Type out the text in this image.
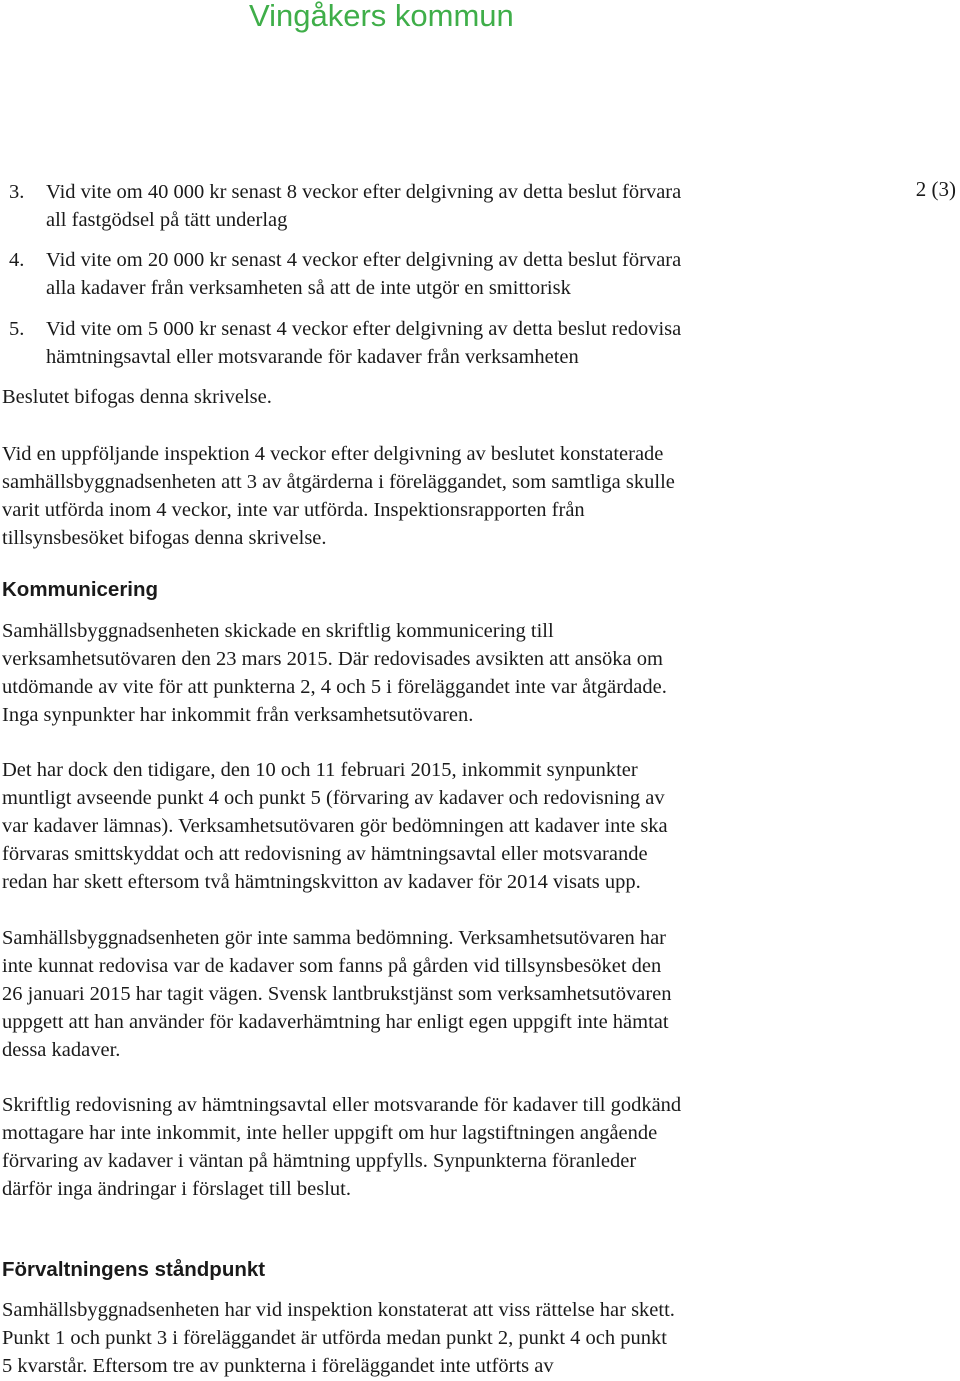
Vingåkers kommun
2 (3)
3. Vid vite om 40 000 kr senast 8 veckor efter delgivning av detta beslut förvara
all fastgödsel på tätt underlag
4. Vid vite om 20 000 kr senast 4 veckor efter delgivning av detta beslut förvara
alla kadaver från verksamheten så att de inte utgör en smittorisk
5. Vid vite om 5 000 kr senast 4 veckor efter delgivning av detta beslut redovisa
hämtningsavtal eller motsvarande för kadaver från verksamheten
Beslutet bifogas denna skrivelse.
Vid en uppföljande inspektion 4 veckor efter delgivning av beslutet konstaterade
samhällsbyggnadsenheten att 3 av åtgärderna i föreläggandet, som samtliga skulle
varit utförda inom 4 veckor, inte var utförda. Inspektionsrapporten från
tillsynsbesöket bifogas denna skrivelse.
Kommunicering
Samhällsbyggnadsenheten skickade en skriftlig kommunicering till
verksamhetsutövaren den 23 mars 2015. Där redovisades avsikten att ansöka om
utdömande av vite för att punkterna 2, 4 och 5 i föreläggandet inte var åtgärdade.
Inga synpunkter har inkommit från verksamhetsutövaren.
Det har dock den tidigare, den 10 och 11 februari 2015, inkommit synpunkter
muntligt avseende punkt 4 och punkt 5 (förvaring av kadaver och redovisning av
var kadaver lämnas). Verksamhetsutövaren gör bedömningen att kadaver inte ska
förvaras smittskyddat och att redovisning av hämtningsavtal eller motsvarande
redan har skett eftersom två hämtningskvitton av kadaver för 2014 visats upp.
Samhällsbyggnadsenheten gör inte samma bedömning. Verksamhetsutövaren har
inte kunnat redovisa var de kadaver som fanns på gården vid tillsynsbesöket den
26 januari 2015 har tagit vägen. Svensk lantbrukstjänst som verksamhetsutövaren
uppgett att han använder för kadaverhämtning har enligt egen uppgift inte hämtat
dessa kadaver.
Skriftlig redovisning av hämtningsavtal eller motsvarande för kadaver till godkänd
mottagare har inte inkommit, inte heller uppgift om hur lagstiftningen angående
förvaring av kadaver i väntan på hämtning uppfylls. Synpunkterna föranleder
därför inga ändringar i förslaget till beslut.
Förvaltningens ståndpunkt
Samhällsbyggnadsenheten har vid inspektion konstaterat att viss rättelse har skett.
Punkt 1 och punkt 3 i föreläggandet är utförda medan punkt 2, punkt 4 och punkt
5 kvarstår. Eftersom tre av punkterna i föreläggandet inte utförts av
